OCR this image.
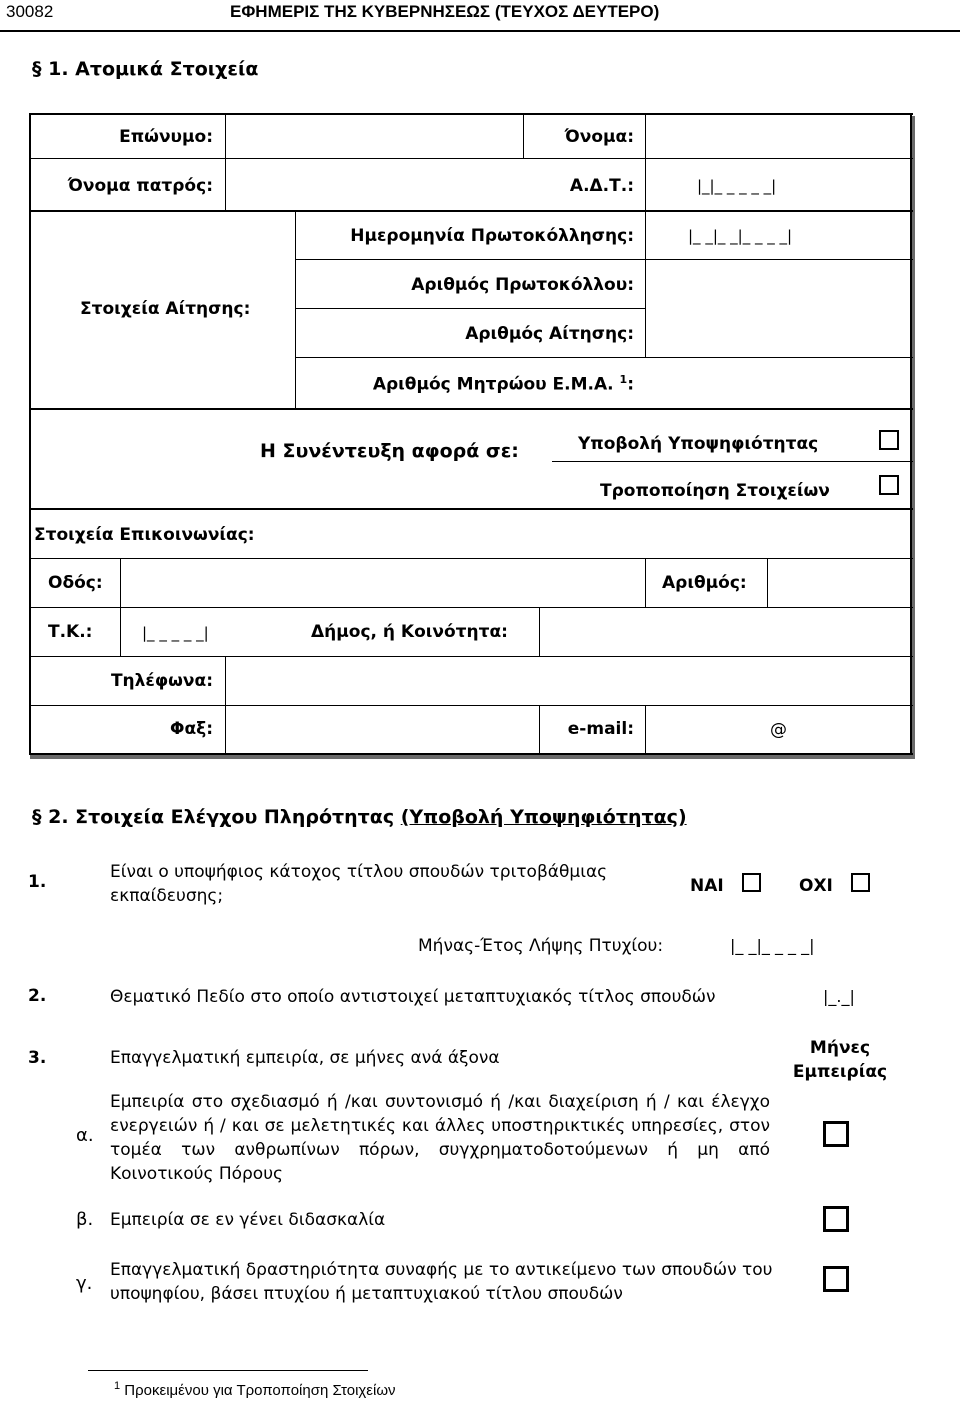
30082	ΕΦΗΜΕΡΙΣ ΤΗΣ ΚΥΒΕΡΝΗΣΕΩΣ (ΤΕΥΧΟΣ ΔΕΥΤΕΡΟ)
§ 1. Ατομικά Στοιχεία
Επώνυμο:	Όνομα:
Όνομα πατρός:	Α.Δ.Τ.:	|_|_ _ _ _ _|
Στοιχεία Αίτησης:
Ημερομηνία Πρωτοκόλλησης:	|_ _|_ _|_ _ _ _|
Αριθμός Πρωτοκόλλου:
Αριθμός Αίτησης:
Αριθμός Μητρώου Ε.Μ.Α. $^1$:
Η Συνέντευξη αφορά σε:	Υποβολή Υποψηφιότητας
Τροποποίηση Στοιχείων
Στοιχεία Επικοινωνίας:
Οδός:	Αριθμός:
Τ.Κ.:	|_ _ _ _ _|	Δήμος, ή Κοινότητα:
Τηλέφωνα:
Φαξ:	e-mail:	@
§ 2. Στοιχεία Ελέγχου Πληρότητας (Υποβολή Υποψηφιότητας)
1.	Είναι ο υποψήφιος κάτοχος τίτλου σπουδών τριτοβάθμιας
εκπαίδευσης;	ΝΑΙ	ΟΧΙ
Μήνας-Έτος Λήψης Πτυχίου:	|_ _|_ _ _ _|
2.	Θεματικό Πεδίο στο οποίο αντιστοιχεί μεταπτυχιακός τίτλος σπουδών	|_._|
3.	Επαγγελματική εμπειρία, σε μήνες ανά άξονα	Μήνες
Εμπειρίας
α.
Εμπειρία στο σχεδιασμό ή /και συντονισμό ή /και διαχείριση ή / και έλεγχο ενεργειών ή / και σε μελετητικές και άλλες υποστηρικτικές υπηρεσίες, στον τομέα των ανθρωπίνων πόρων, συγχρηματοδοτούμενων ή μη από Κοινοτικούς Πόρους
β. Εμπειρία σε εν γένει διδασκαλία
γ.
Επαγγελματική δραστηριότητα συναφής με το αντικείμενο των σπουδών του υποψηφίου, βάσει πτυχίου ή μεταπτυχιακού τίτλου σπουδών
$^1$ Προκειμένου για Τροποποίηση Στοιχείων
